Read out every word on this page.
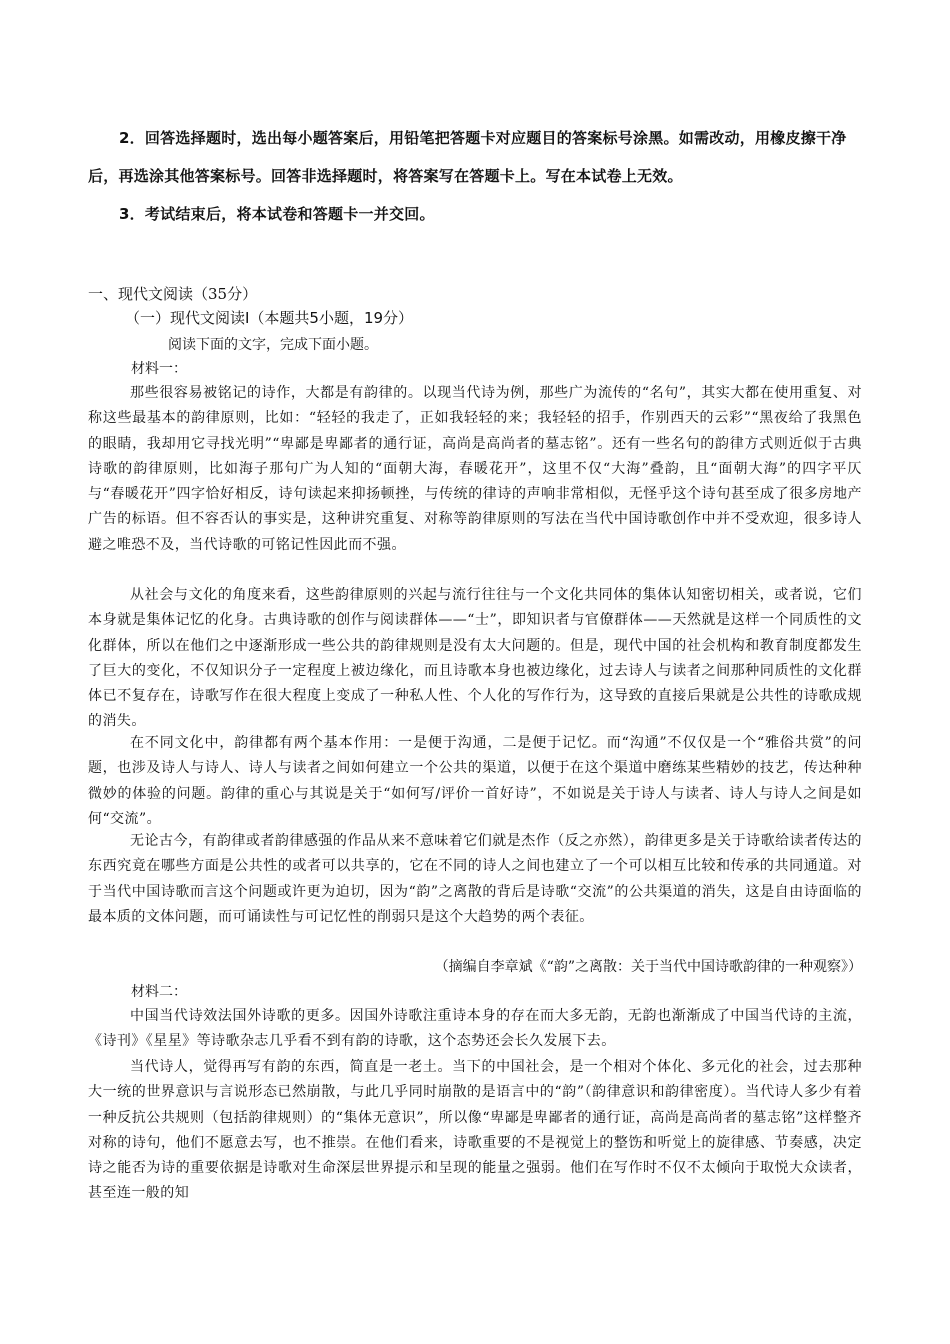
2．回答选择题时，选出每小题答案后，用铅笔把答题卡对应题目的答案标号涂黑。如需改动，用橡皮擦干净后，再选涂其他答案标号。回答非选择题时，将答案写在答题卡上。写在本试卷上无效。
3．考试结束后，将本试卷和答题卡一并交回。
一、现代文阅读（35分）
（一）现代文阅读Ⅰ（本题共5小题，19分）
阅读下面的文字，完成下面小题。
材料一：

那些很容易被铭记的诗作，大都是有韵律的。以现当代诗为例，那些广为流传的“名句”，其实大都在使用重复、对称这些最基本的韵律原则，比如：“轻轻的我走了，正如我轻轻的来；我轻轻的招手，作别西天的云彩”“黑夜给了我黑色的眼睛，我却用它寻找光明”“卑鄙是卑鄙者的通行证，高尚是高尚者的墓志铭”。还有一些名句的韵律方式则近似于古典诗歌的韵律原则，比如海子那句广为人知的“面朝大海，春暖花开”，这里不仅“大海”叠韵，且“面朝大海”的四字平仄与“春暖花开”四字恰好相反，诗句读起来抑扬顿挫，与传统的律诗的声响非常相似，无怪乎这个诗句甚至成了很多房地产广告的标语。但不容否认的事实是，这种讲究重复、对称等韵律原则的写法在当代中国诗歌创作中并不受欢迎，很多诗人避之唯恐不及，当代诗歌的可铭记性因此而不强。

从社会与文化的角度来看，这些韵律原则的兴起与流行往往与一个文化共同体的集体认知密切相关，或者说，它们本身就是集体记忆的化身。古典诗歌的创作与阅读群体——“士”，即知识者与官僚群体——天然就是这样一个同质性的文化群体，所以在他们之中逐渐形成一些公共的韵律规则是没有太大问题的。但是，现代中国的社会机构和教育制度都发生了巨大的变化，不仅知识分子一定程度上被边缘化，而且诗歌本身也被边缘化，过去诗人与读者之间那种同质性的文化群体已不复存在，诗歌写作在很大程度上变成了一种私人性、个人化的写作行为，这导致的直接后果就是公共性的诗歌成规的消失。

在不同文化中，韵律都有两个基本作用：一是便于沟通，二是便于记忆。而“沟通”不仅仅是一个“雅俗共赏”的问题，也涉及诗人与诗人、诗人与读者之间如何建立一个公共的渠道，以便于在这个渠道中磨练某些精妙的技艺，传达种种微妙的体验的问题。韵律的重心与其说是关于“如何写/评价一首好诗”，不如说是关于诗人与读者、诗人与诗人之间是如何“交流”。

无论古今，有韵律或者韵律感强的作品从来不意味着它们就是杰作（反之亦然），韵律更多是关于诗歌给读者传达的东西究竟在哪些方面是公共性的或者可以共享的，它在不同的诗人之间也建立了一个可以相互比较和传承的共同通道。对于当代中国诗歌而言这个问题或许更为迫切，因为“韵”之离散的背后是诗歌“交流”的公共渠道的消失，这是自由诗面临的最本质的文体问题，而可诵读性与可记忆性的削弱只是这个大趋势的两个表征。

（摘编自李章斌《“韵”之离散：关于当代中国诗歌韵律的一种观察》）
材料二：

中国当代诗效法国外诗歌的更多。因国外诗歌注重诗本身的存在而大多无韵，无韵也渐渐成了中国当代诗的主流，《诗刊》《星星》等诗歌杂志几乎看不到有韵的诗歌，这个态势还会长久发展下去。

当代诗人，觉得再写有韵的东西，简直是一老土。当下的中国社会，是一个相对个体化、多元化的社会，过去那种大一统的世界意识与言说形态已然崩散，与此几乎同时崩散的是语言中的“韵”（韵律意识和韵律密度）。当代诗人多少有着一种反抗公共规则（包括韵律规则）的“集体无意识”，所以像“卑鄙是卑鄙者的通行证，高尚是高尚者的墓志铭”这样整齐对称的诗句，他们不愿意去写，也不推崇。在他们看来，诗歌重要的不是视觉上的整饬和听觉上的旋律感、节奏感，决定诗之能否为诗的重要依据是诗歌对生命深层世界提示和呈现的能量之强弱。他们在写作时不仅不太倾向于取悦大众读者，甚至连一般的知
